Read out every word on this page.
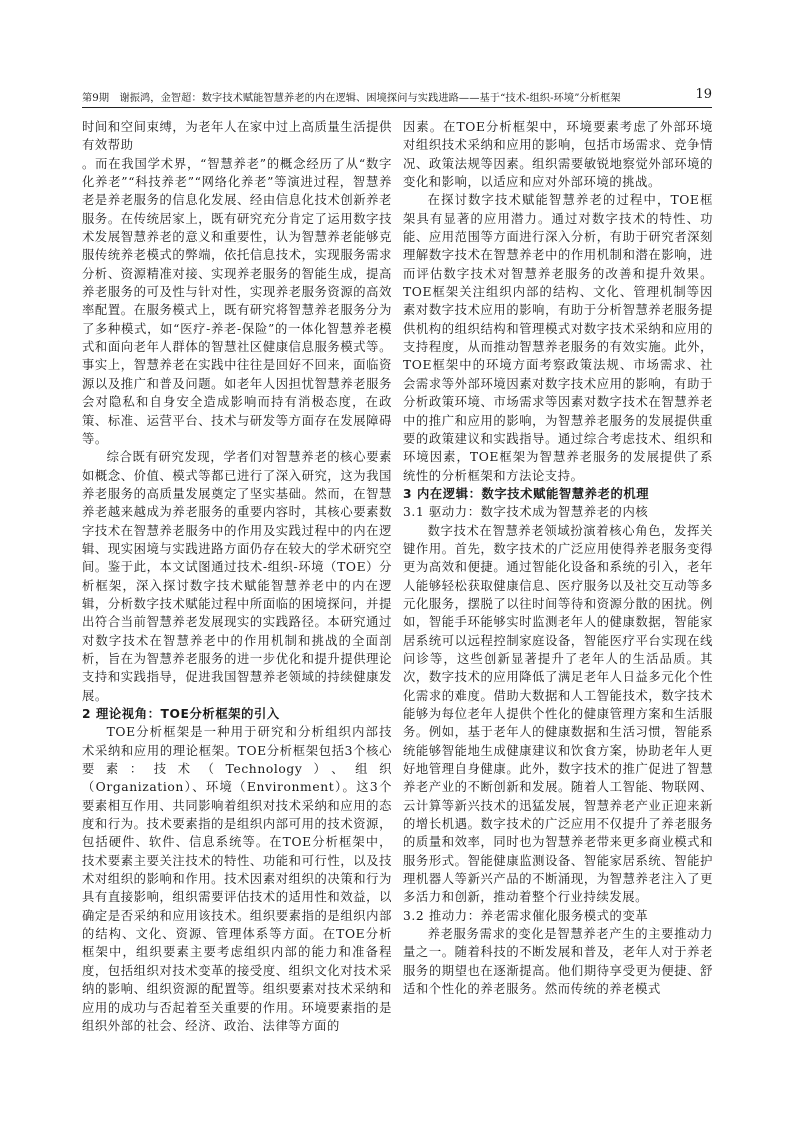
第9期　谢振鸿，金智超：数字技术赋能智慧养老的内在逻辑、困境探问与实践进路——基于“技术-组织-环境”分析框架	19

时间和空间束缚，为老年人在家中过上高质量生活提供有效帮助

。而在我国学术界，“智慧养老”的概念经历了从“数字化养老”“科技养老”“网络化养老”等演进过程，智慧养老是养老服务的信息化发展、经由信息化技术创新养老服务。在传统居家上，既有研究充分肯定了运用数字技术发展智慧养老的意义和重要性，认为智慧养老能够克服传统养老模式的弊端，依托信息技术，实现服务需求分析、资源精准对接、实现养老服务的智能生成，提高养老服务的可及性与针对性，实现养老服务资源的高效率配置。在服务模式上，既有研究将智慧养老服务分为了多种模式，如“医疗-养老-保险”的一体化智慧养老模式和面向老年人群体的智慧社区健康信息服务模式等。事实上，智慧养老在实践中往往是回好不回来，面临资源以及推广和普及问题。如老年人因担忧智慧养老服务会对隐私和自身安全造成影响而持有消极态度，在政策、标准、运营平台、技术与研发等方面存在发展障碍等。

综合既有研究发现，学者们对智慧养老的核心要素如概念、价值、模式等都已进行了深入研究，这为我国养老服务的高质量发展奠定了坚实基础。然而，在智慧养老越来越成为养老服务的重要内容时，其核心要素数字技术在智慧养老服务中的作用及实践过程中的内在逻辑、现实困境与实践进路方面仍存在较大的学术研究空间。鉴于此，本文试图通过技术-组织-环境（TOE）分析框架，深入探讨数字技术赋能智慧养老中的内在逻辑，分析数字技术赋能过程中所面临的困境探问，并提出符合当前智慧养老发展现实的实践路径。本研究通过对数字技术在智慧养老中的作用机制和挑战的全面剖析，旨在为智慧养老服务的进一步优化和提升提供理论支持和实践指导，促进我国智慧养老领域的持续健康发展。

2 理论视角：TOE分析框架的引入

TOE分析框架是一种用于研究和分析组织内部技术采纳和应用的理论框架。TOE分析框架包括3个核心要素：技术（Technology）、组织（Organization）、环境（Environment）。这3个要素相互作用、共同影响着组织对技术采纳和应用的态度和行为。技术要素指的是组织内部可用的技术资源，包括硬件、软件、信息系统等。在TOE分析框架中，技术要素主要关注技术的特性、功能和可行性，以及技术对组织的影响和作用。技术因素对组织的决策和行为具有直接影响，组织需要评估技术的适用性和效益，以确定是否采纳和应用该技术。组织要素指的是组织内部的结构、文化、资源、管理体系等方面。在TOE分析框架中，组织要素主要考虑组织内部的能力和准备程度，包括组织对技术变革的接受度、组织文化对技术采纳的影响、组织资源的配置等。组织要素对技术采纳和应用的成功与否起着至关重要的作用。环境要素指的是组织外部的社会、经济、政治、法律等方面的

因素。在TOE分析框架中，环境要素考虑了外部环境对组织技术采纳和应用的影响，包括市场需求、竞争情况、政策法规等因素。组织需要敏锐地察觉外部环境的变化和影响，以适应和应对外部环境的挑战。

在探讨数字技术赋能智慧养老的过程中，TOE框架具有显著的应用潜力。通过对数字技术的特性、功能、应用范围等方面进行深入分析，有助于研究者深刻理解数字技术在智慧养老中的作用机制和潜在影响，进而评估数字技术对智慧养老服务的改善和提升效果。TOE框架关注组织内部的结构、文化、管理机制等因素对数字技术应用的影响，有助于分析智慧养老服务提供机构的组织结构和管理模式对数字技术采纳和应用的支持程度，从而推动智慧养老服务的有效实施。此外，TOE框架中的环境方面考察政策法规、市场需求、社会需求等外部环境因素对数字技术应用的影响，有助于分析政策环境、市场需求等因素对数字技术在智慧养老中的推广和应用的影响，为智慧养老服务的发展提供重要的政策建议和实践指导。通过综合考虑技术、组织和环境因素，TOE框架为智慧养老服务的发展提供了系统性的分析框架和方法论支持。

3 内在逻辑：数字技术赋能智慧养老的机理
3.1 驱动力：数字技术成为智慧养老的内核

数字技术在智慧养老领域扮演着核心角色，发挥关键作用。首先，数字技术的广泛应用使得养老服务变得更为高效和便捷。通过智能化设备和系统的引入，老年人能够轻松获取健康信息、医疗服务以及社交互动等多元化服务，摆脱了以往时间等待和资源分散的困扰。例如，智能手环能够实时监测老年人的健康数据，智能家居系统可以远程控制家庭设备，智能医疗平台实现在线问诊等，这些创新显著提升了老年人的生活品质。其次，数字技术的应用降低了满足老年人日益多元化个性化需求的难度。借助大数据和人工智能技术，数字技术能够为每位老年人提供个性化的健康管理方案和生活服务。例如，基于老年人的健康数据和生活习惯，智能系统能够智能地生成健康建议和饮食方案，协助老年人更好地管理自身健康。此外，数字技术的推广促进了智慧养老产业的不断创新和发展。随着人工智能、物联网、云计算等新兴技术的迅猛发展，智慧养老产业正迎来新的增长机遇。数字技术的广泛应用不仅提升了养老服务的质量和效率，同时也为智慧养老带来更多商业模式和服务形式。智能健康监测设备、智能家居系统、智能护理机器人等新兴产品的不断涌现，为智慧养老注入了更多活力和创新，推动着整个行业持续发展。

3.2 推动力：养老需求催化服务模式的变革

养老服务需求的变化是智慧养老产生的主要推动力量之一。随着科技的不断发展和普及，老年人对于养老服务的期望也在逐渐提高。他们期待享受更为便捷、舒适和个性化的养老服务。然而传统的养老模式
